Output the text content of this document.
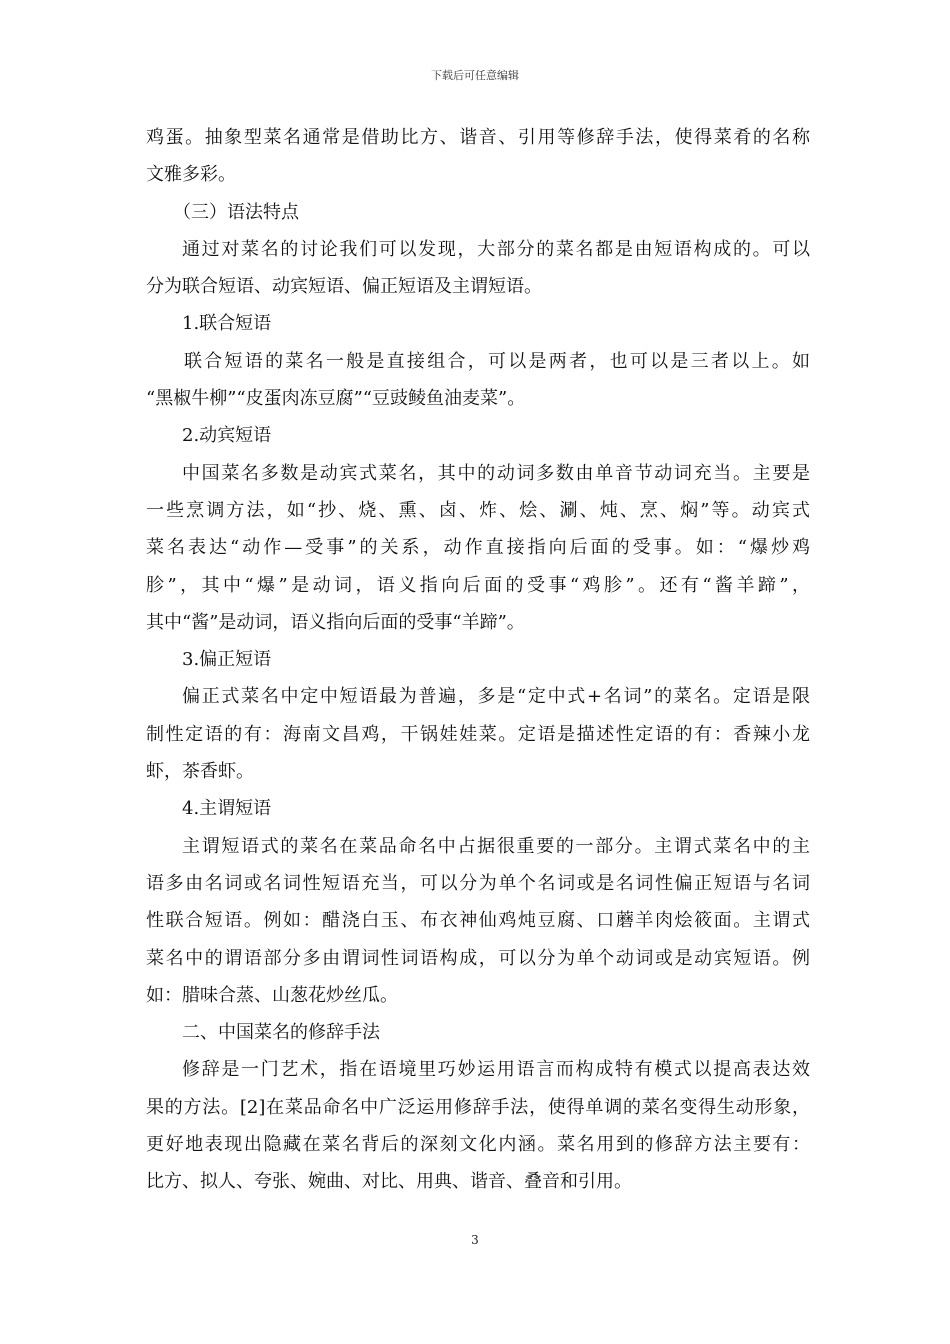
下载后可任意编辑
鸡蛋。抽象型菜名通常是借助比方、谐音、引用等修辞手法，使得菜肴的名称
文雅多彩。
（三）语法特点
通过对菜名的讨论我们可以发现，大部分的菜名都是由短语构成的。可以
分为联合短语、动宾短语、偏正短语及主谓短语。
1.联合短语
联合短语的菜名一般是直接组合，可以是两者，也可以是三者以上。如
“黑椒牛柳”“皮蛋肉冻豆腐”“豆豉鲮鱼油麦菜”。
2.动宾短语
中国菜名多数是动宾式菜名，其中的动词多数由单音节动词充当。主要是
一些烹调方法，如“抄、烧、熏、卤、炸、烩、涮、炖、烹、焖”等。动宾式
菜名表达“动作—受事”的关系，动作直接指向后面的受事。如：“爆炒鸡
胗”，其中“爆”是动词，语义指向后面的受事“鸡胗”。还有“酱羊蹄”，
其中“酱”是动词，语义指向后面的受事“羊蹄”。
3.偏正短语
偏正式菜名中定中短语最为普遍，多是“定中式+名词”的菜名。定语是限
制性定语的有：海南文昌鸡，干锅娃娃菜。定语是描述性定语的有：香辣小龙
虾，茶香虾。
4.主谓短语
主谓短语式的菜名在菜品命名中占据很重要的一部分。主谓式菜名中的主
语多由名词或名词性短语充当，可以分为单个名词或是名词性偏正短语与名词
性联合短语。例如：醋浇白玉、布衣神仙鸡炖豆腐、口蘑羊肉烩筱面。主谓式
菜名中的谓语部分多由谓词性词语构成，可以分为单个动词或是动宾短语。例
如：腊味合蒸、山葱花炒丝瓜。
二、中国菜名的修辞手法
修辞是一门艺术，指在语境里巧妙运用语言而构成特有模式以提高表达效
果的方法。[2]在菜品命名中广泛运用修辞手法，使得单调的菜名变得生动形象，
更好地表现出隐藏在菜名背后的深刻文化内涵。菜名用到的修辞方法主要有：
比方、拟人、夸张、婉曲、对比、用典、谐音、叠音和引用。
3
